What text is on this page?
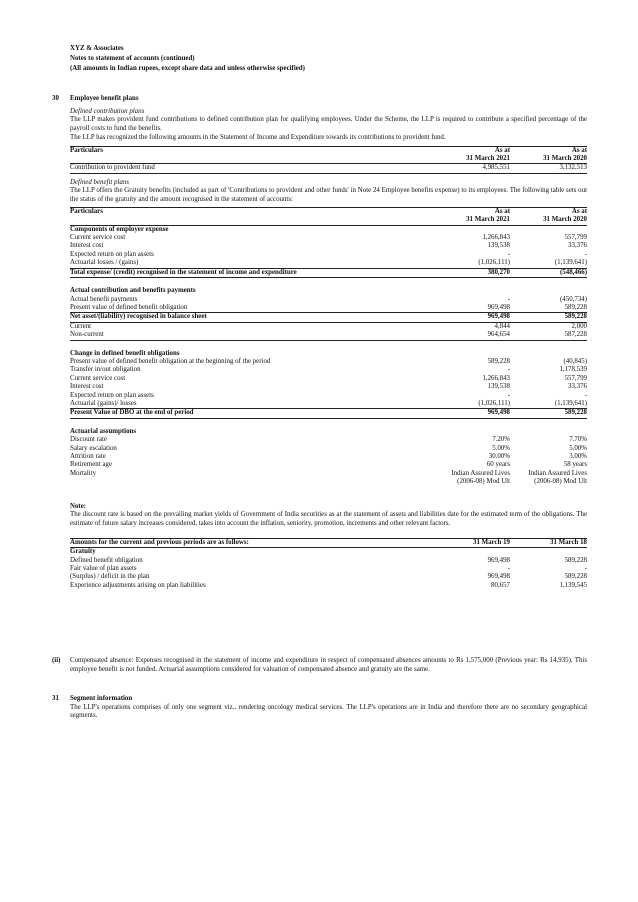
XYZ & Associates
Notes to statement of accounts (continued)
(All amounts in Indian rupees, except share data and unless otherwise specified)
30 Employee benefit plans
Defined contribution plans

The LLP makes provident fund contributions to defined contribution plan for qualifying employees. Under the Scheme, the LLP is required to contribute a specified percentage of the payroll costs to fund the benefits.

The LLP has recognized the following amounts in the Statement of Income and Expenditure towards its contributions to provident fund.

Particulars	As at	As at
	31 March 2021	31 March 2020
Contribution to provident fund	4,985,551	3,132,513
Defined benefit plans

The LLP offers the Gratuity benefits (included as part of 'Contributions to provident and other funds' in Note 24 Employee benefits expense) to its employees. The following table sets out the status of the gratuity and the amount recognised in the statement of accounts:

Particulars	As at	As at
	31 March 2021	31 March 2020
Components of employer expense		
Current service cost	1,266,843	557,799
Interest cost	139,538	33,376
Expected return on plan assets	-	-
Actuarial losses / (gains)	(1,026,111)	(1,139,641)
Total expense/ (credit) recognised in the statement of income and expenditure	380,270	(548,466)

Actual contribution and benefits payments		
Actual benefit payments	-	(450,734)
Present value of defined benefit obligation	969,498	589,228
Net asset/(liability) recognised in balance sheet	969,498	589,228
Current	4,844	2,000
Non-current	964,654	587,228

Change in defined benefit obligations		
Present value of defined benefit obligation at the beginning of the period	589,228	(40,845)
Transfer in/out obligation	-	1,178,539
Current service cost	1,266,843	557,799
Interest cost	139,538	33,376
Expected return on plan assets	-	-
Actuarial (gains)/ losses	(1,026,111)	(1,139,641)
Present Value of DBO at the end of period	969,498	589,228

Actuarial assumptions		
Discount rate	7.20%	7.70%
Salary escalation	5.00%	5.00%
Attrition rate	30.00%	3.00%
Retirement age	60 years	58 years
Mortality	Indian Assured Lives	Indian Assured Lives
	(2006-08) Mod Ult	(2006-08) Mod Ult
Note:

The discount rate is based on the prevailing market yields of Government of India securities as at the statement of assets and liabilities date for the estimated term of the obligations. The estimate of future salary increases considered, takes into account the inflation, seniority, promotion, increments and other relevant factors.

Amounts for the current and previous periods are as follows:	31 March 19	31 March 18
Gratuity		
Defined benefit obligation	969,498	589,228
Fair value of plan assets	-	-
(Surplus) / deficit in the plan	969,498	589,228
Experience adjustments arising on plan liabilities	80,657	1,139,545
(ii) Compensated absence: Expenses recognised in the statement of income and expenditure in respect of compensated absences amounts to Rs 1,575,000 (Previous year: Rs 14,935). This employee benefit is not funded. Actuarial assumptions considered for valuation of compensated absence and gratuity are the same.

31 Segment information

The LLP's operations comprises of only one segment viz., rendering oncology medical services. The LLP's operations are in India and therefore there are no secondary geographical segments.
